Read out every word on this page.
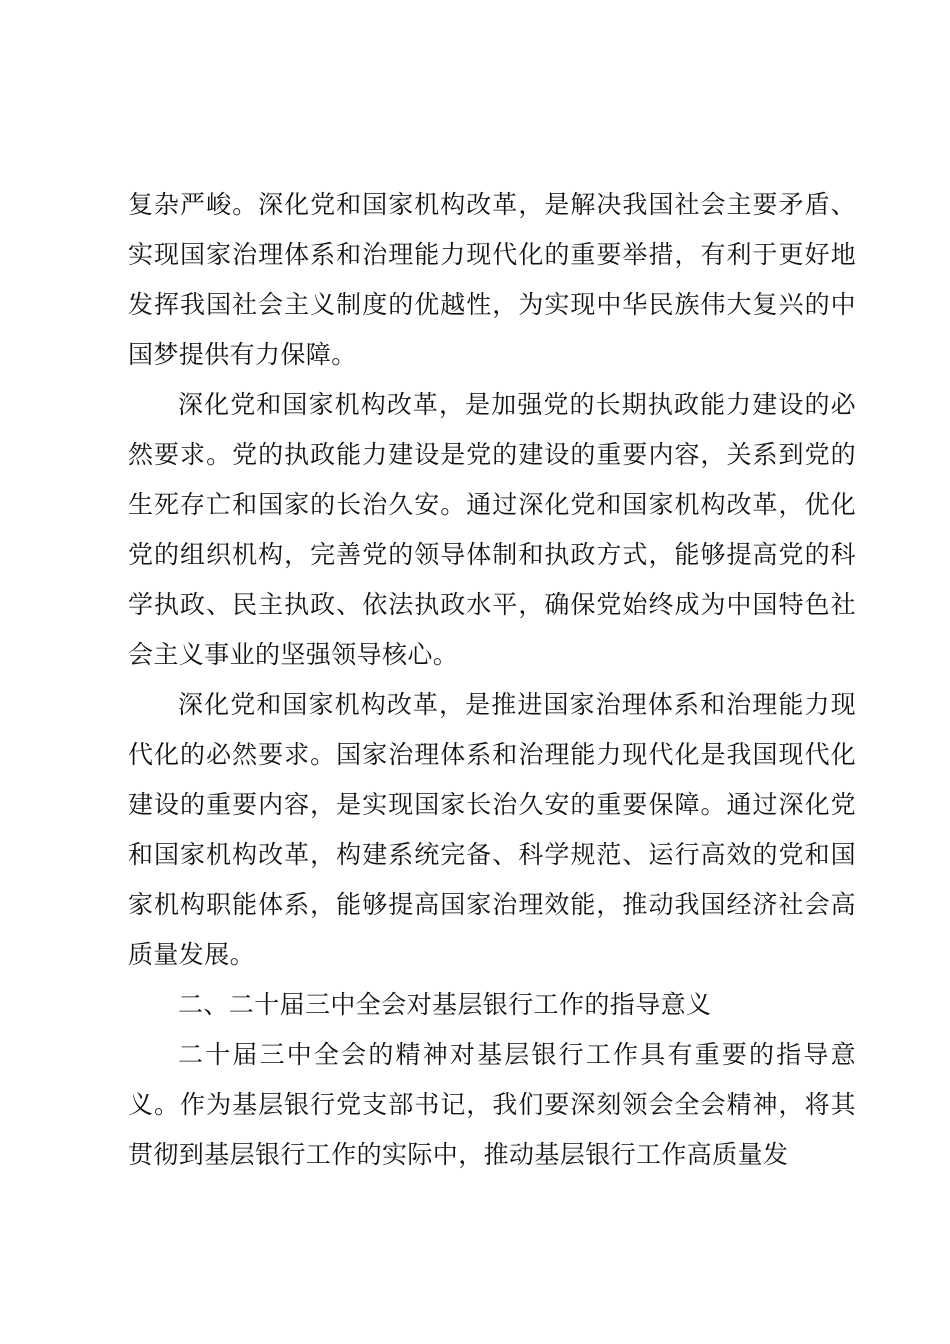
复杂严峻。深化党和国家机构改革，是解决我国社会主要矛盾、实现国家治理体系和治理能力现代化的重要举措，有利于更好地发挥我国社会主义制度的优越性，为实现中华民族伟大复兴的中国梦提供有力保障。

深化党和国家机构改革，是加强党的长期执政能力建设的必然要求。党的执政能力建设是党的建设的重要内容，关系到党的生死存亡和国家的长治久安。通过深化党和国家机构改革，优化党的组织机构，完善党的领导体制和执政方式，能够提高党的科学执政、民主执政、依法执政水平，确保党始终成为中国特色社会主义事业的坚强领导核心。

深化党和国家机构改革，是推进国家治理体系和治理能力现代化的必然要求。国家治理体系和治理能力现代化是我国现代化建设的重要内容，是实现国家长治久安的重要保障。通过深化党和国家机构改革，构建系统完备、科学规范、运行高效的党和国家机构职能体系，能够提高国家治理效能，推动我国经济社会高质量发展。

二、二十届三中全会对基层银行工作的指导意义

二十届三中全会的精神对基层银行工作具有重要的指导意义。作为基层银行党支部书记，我们要深刻领会全会精神，将其贯彻到基层银行工作的实际中，推动基层银行工作高质量发
